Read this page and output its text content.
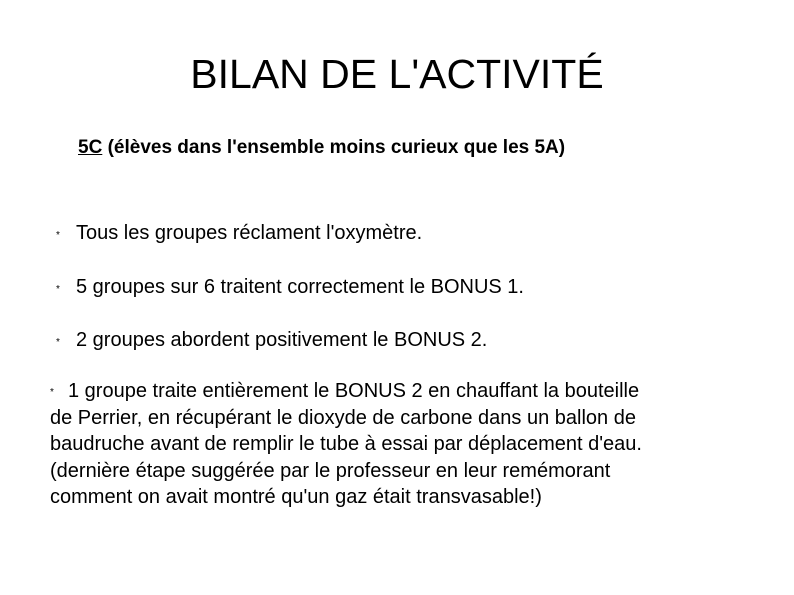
BILAN DE L'ACTIVITÉ
5C (élèves dans l'ensemble moins curieux que les 5A)
* Tous les groupes réclament l'oxymètre.
* 5 groupes sur 6 traitent correctement le BONUS 1.
* 2 groupes abordent positivement le BONUS 2.
* 1 groupe traite entièrement le BONUS 2 en chauffant la bouteille
de Perrier, en récupérant le dioxyde de carbone dans un ballon de
baudruche avant de remplir le tube à essai par déplacement d'eau.
(dernière étape suggérée par le professeur en leur remémorant
comment on avait montré qu'un gaz était transvasable!)
